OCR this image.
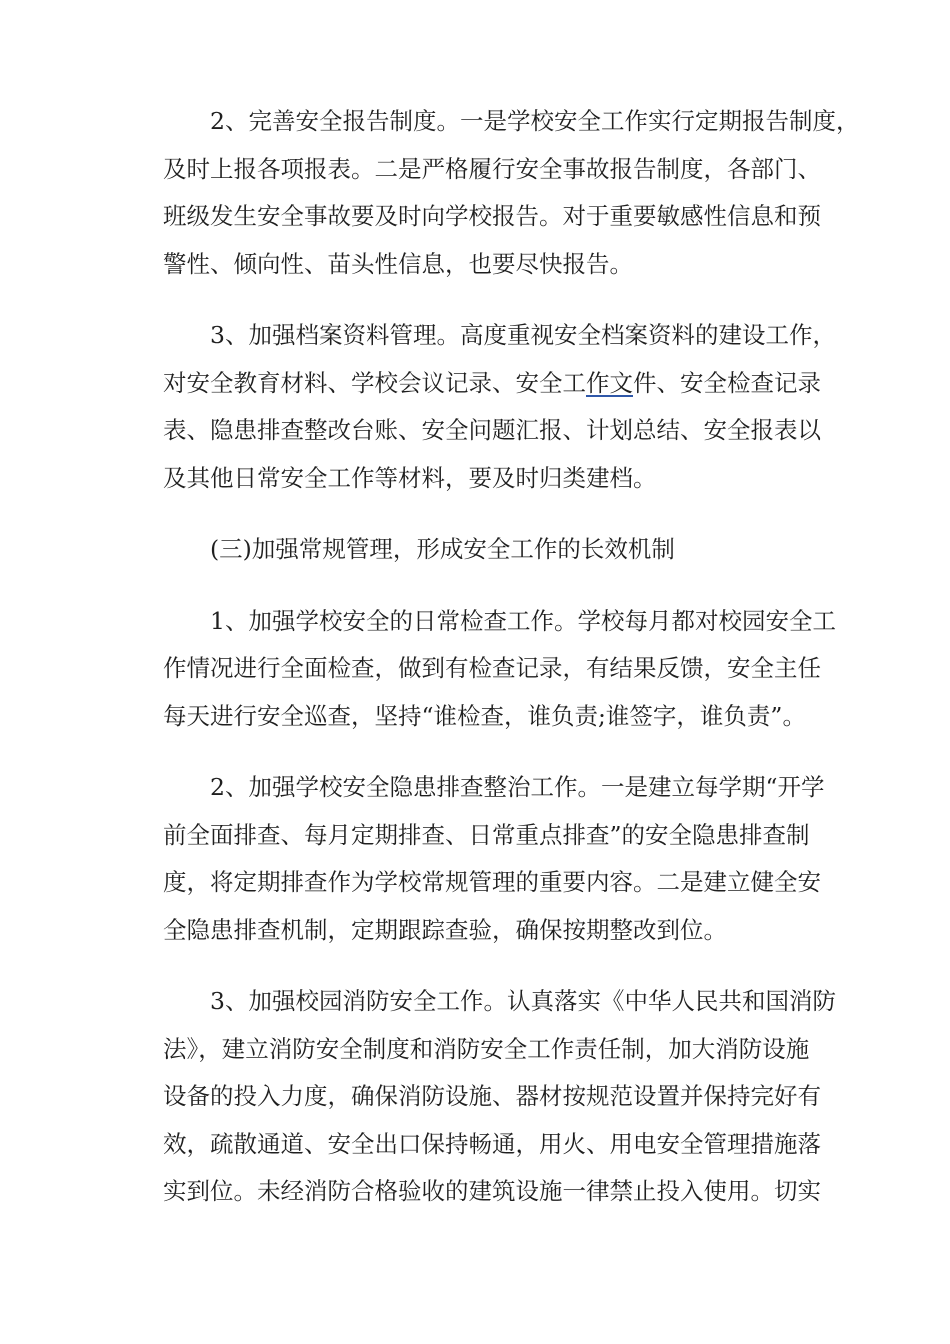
2、完善安全报告制度。一是学校安全工作实行定期报告制度，
及时上报各项报表。二是严格履行安全事故报告制度，各部门、
班级发生安全事故要及时向学校报告。对于重要敏感性信息和预
警性、倾向性、苗头性信息，也要尽快报告。
3、加强档案资料管理。高度重视安全档案资料的建设工作，
对安全教育材料、学校会议记录、安全工作文件、安全检查记录
表、隐患排查整改台账、安全问题汇报、计划总结、安全报表以
及其他日常安全工作等材料，要及时归类建档。
(三)加强常规管理，形成安全工作的长效机制
1、加强学校安全的日常检查工作。学校每月都对校园安全工
作情况进行全面检查，做到有检查记录，有结果反馈，安全主任
每天进行安全巡查，坚持“谁检查，谁负责;谁签字，谁负责”。
2、加强学校安全隐患排查整治工作。一是建立每学期“开学
前全面排查、每月定期排查、日常重点排查”的安全隐患排查制
度，将定期排查作为学校常规管理的重要内容。二是建立健全安
全隐患排查机制，定期跟踪查验，确保按期整改到位。
3、加强校园消防安全工作。认真落实《中华人民共和国消防
法》，建立消防安全制度和消防安全工作责任制，加大消防设施
设备的投入力度，确保消防设施、器材按规范设置并保持完好有
效，疏散通道、安全出口保持畅通，用火、用电安全管理措施落
实到位。未经消防合格验收的建筑设施一律禁止投入使用。切实
